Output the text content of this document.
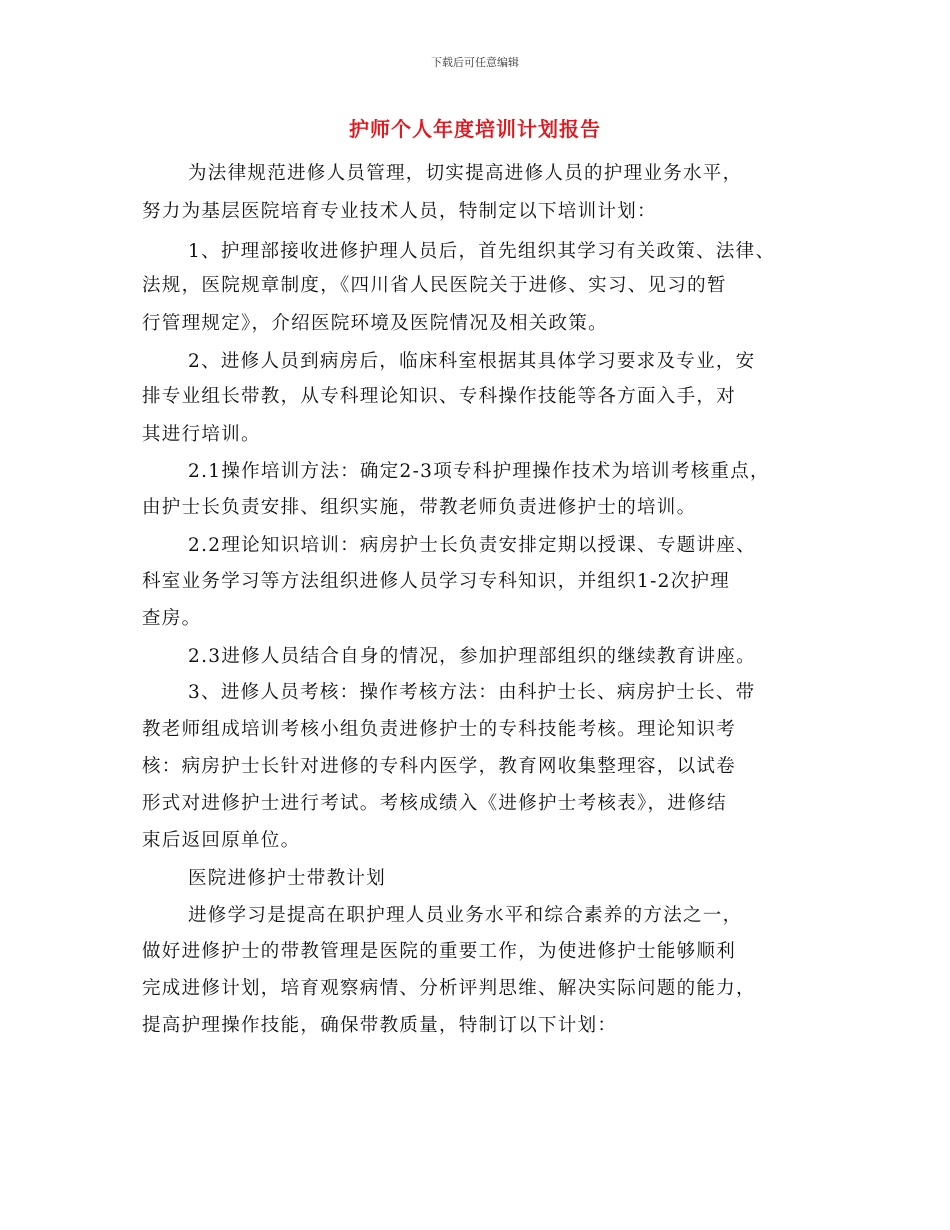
下载后可任意编辑
护师个人年度培训计划报告
为法律规范进修人员管理，切实提高进修人员的护理业务水平，
努力为基层医院培育专业技术人员，特制定以下培训计划：
1、护理部接收进修护理人员后，首先组织其学习有关政策、法律、
法规，医院规章制度，《四川省人民医院关于进修、实习、见习的暂
行管理规定》，介绍医院环境及医院情况及相关政策。
2、进修人员到病房后，临床科室根据其具体学习要求及专业，安
排专业组长带教，从专科理论知识、专科操作技能等各方面入手，对
其进行培训。
2.1操作培训方法：确定2-3项专科护理操作技术为培训考核重点，
由护士长负责安排、组织实施，带教老师负责进修护士的培训。
2.2理论知识培训：病房护士长负责安排定期以授课、专题讲座、
科室业务学习等方法组织进修人员学习专科知识，并组织1-2次护理
查房。
2.3进修人员结合自身的情况，参加护理部组织的继续教育讲座。
3、进修人员考核：操作考核方法：由科护士长、病房护士长、带
教老师组成培训考核小组负责进修护士的专科技能考核。理论知识考
核：病房护士长针对进修的专科内医学，教育网收集整理容，以试卷
形式对进修护士进行考试。考核成绩入《进修护士考核表》，进修结
束后返回原单位。
医院进修护士带教计划
进修学习是提高在职护理人员业务水平和综合素养的方法之一，
做好进修护士的带教管理是医院的重要工作，为使进修护士能够顺利
完成进修计划，培育观察病情、分析评判思维、解决实际问题的能力，
提高护理操作技能，确保带教质量，特制订以下计划：
